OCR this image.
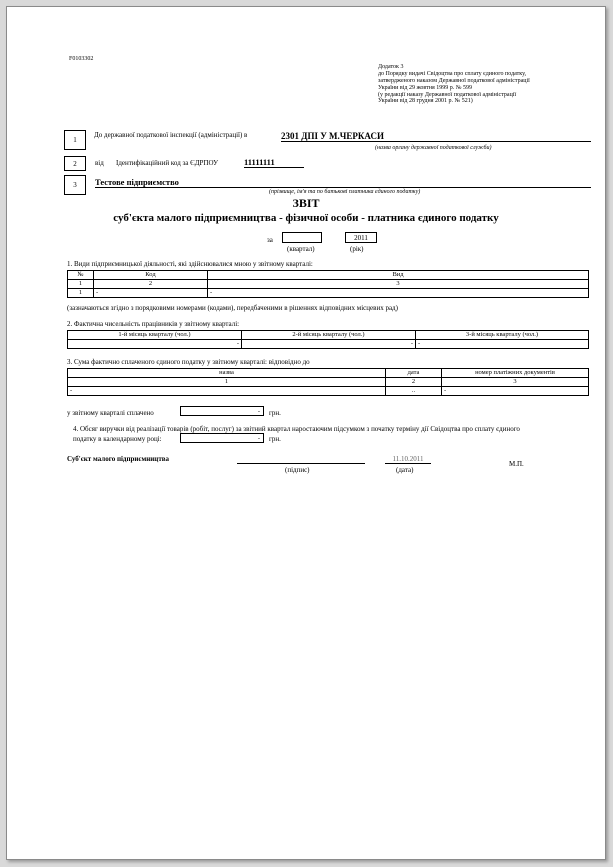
F0103302
Додаток 3
до Порядку видачі Свідоцтва про сплату єдиного податку,
затвердженого наказом Державної податкової адміністрації
України від 29 жовтня 1999 р. № 599
(у редакції наказу Державної податкової адміністрації
України від 28 грудня 2001 р. № 521)
1
До державної податкової інспекції (адміністрації) в	2301 ДПІ У М.ЧЕРКАСИ
(назва органу державної податкової служби)
2	від Ідентифікаційний код за ЄДРПОУ	11111111
3	Тестове підприємство
(прізвище, ім'я та по батькові платника єдиного податку)
ЗВІТ
суб'єкта малого підприємництва - фізичної особи - платника єдиного податку
за	2011
(квартал)	(рік)
1. Види підприємницької діяльності, які здійснювалися мною у звітному кварталі:
№	Код	Вид
1	2	3
1	-	-
(зазначаються згідно з порядковими номерами (кодами), передбаченими в рішеннях відповідних місцевих рад)
2. Фактична чисельність працівників у звітному кварталі:
1-й місяць кварталу (чол.)	2-й місяць кварталу (чол.)	3-й місяць кварталу (чол.)
-	-	-
3. Сума фактично сплаченого єдиного податку у звітному кварталі: відповідно до
назва	дата	номер платіжних документів
1	2	3
-	..	-
у звітному кварталі сплачено	-	грн.
4. Обсяг виручки від реалізації товарів (робіт, послуг) за звітний квартал наростаючим підсумком з початку терміну дії Свідоцтва про сплату єдиного
податку в календарному році:	-	грн.
Суб'єкт малого підприємництва
(підпис)
11.10.2011
(дата)
М.П.
